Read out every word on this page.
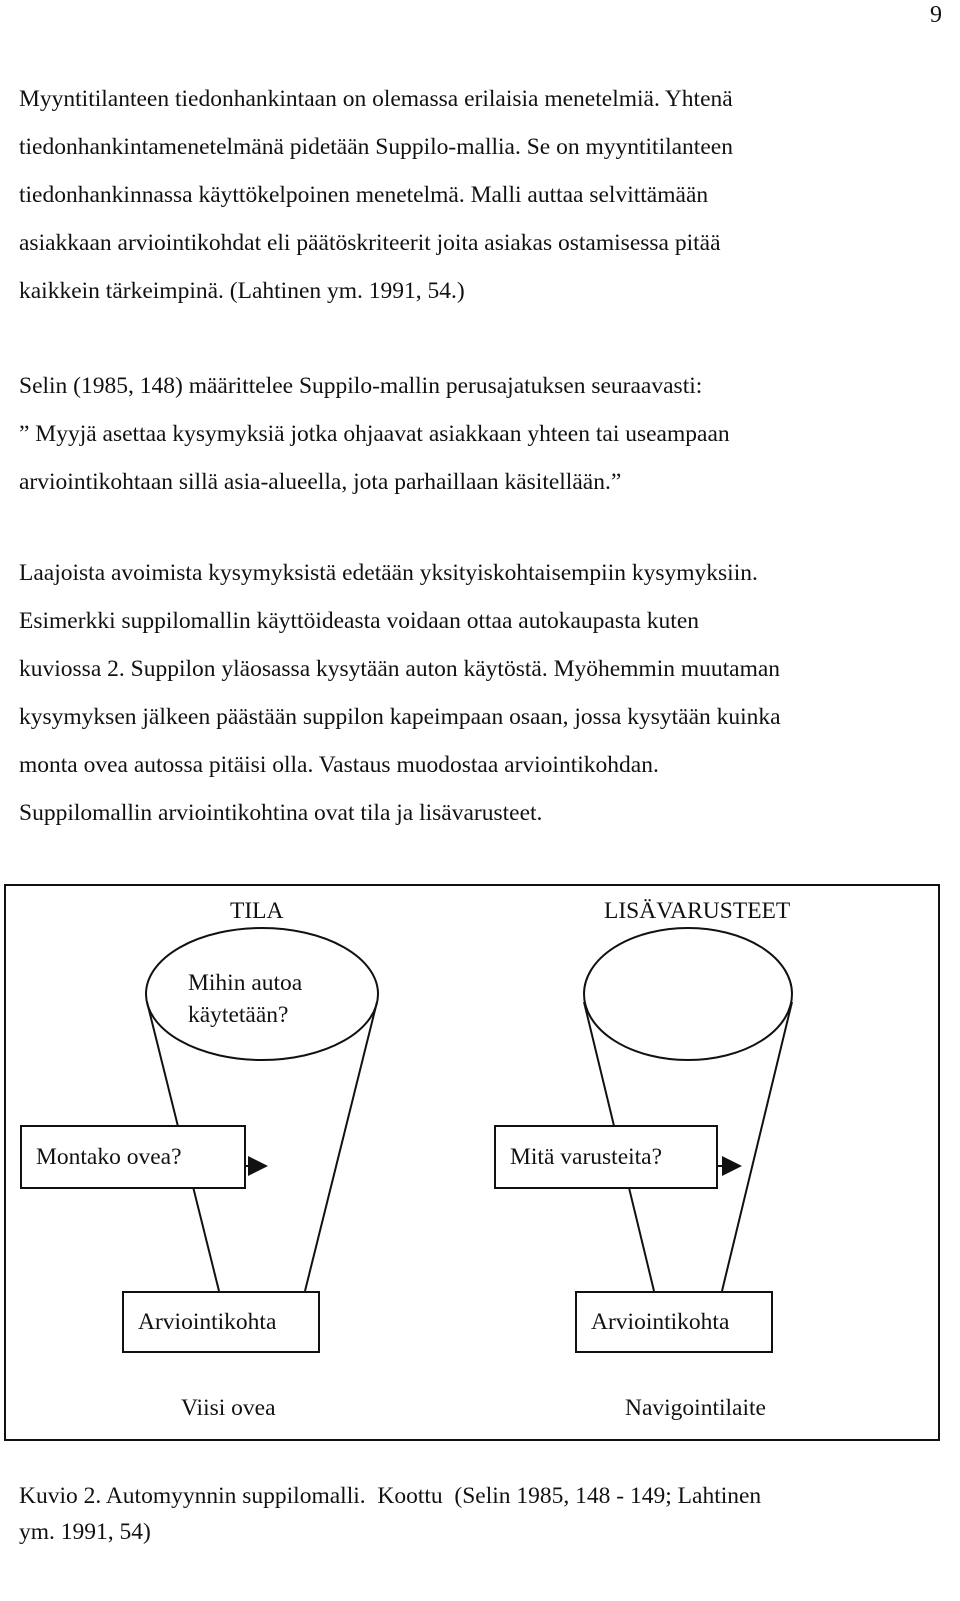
9

Myyntitilanteen tiedonhankintaan on olemassa erilaisia menetelmiä. Yhtenä
tiedonhankintamenetelmänä pidetään Suppilo-mallia. Se on myyntitilanteen
tiedonhankinnassa käyttökelpoinen menetelmä. Malli auttaa selvittämään
asiakkaan arviointikohdat eli päätöskriteerit joita asiakas ostamisessa pitää
kaikkein tärkeimpinä. (Lahtinen ym. 1991, 54.)

Selin (1985, 148) määrittelee Suppilo-mallin perusajatuksen seuraavasti:
” Myyjä asettaa kysymyksiä jotka ohjaavat asiakkaan yhteen tai useampaan
arviointikohtaan sillä asia-alueella, jota parhaillaan käsitellään.”

Laajoista avoimista kysymyksistä edetään yksityiskohtaisempiin kysymyksiin.
Esimerkki suppilomallin käyttöideasta voidaan ottaa autokaupasta kuten
kuviossa 2. Suppilon yläosassa kysytään auton käytöstä. Myöhemmin muutaman
kysymyksen jälkeen päästään suppilon kapeimpaan osaan, jossa kysytään kuinka
monta ovea autossa pitäisi olla. Vastaus muodostaa arviointikohdan.
Suppilomallin arviointikohtina ovat tila ja lisävarusteet.

TILA	LISÄVARUSTEET
Mihin autoa
käytetään?
Montako ovea?	Mitä varusteita?
Arviointikohta	Arviointikohta
Viisi ovea	Navigointilaite

Kuvio 2. Automyynnin suppilomalli.  Koottu  (Selin 1985, 148 - 149; Lahtinen
ym. 1991, 54)
